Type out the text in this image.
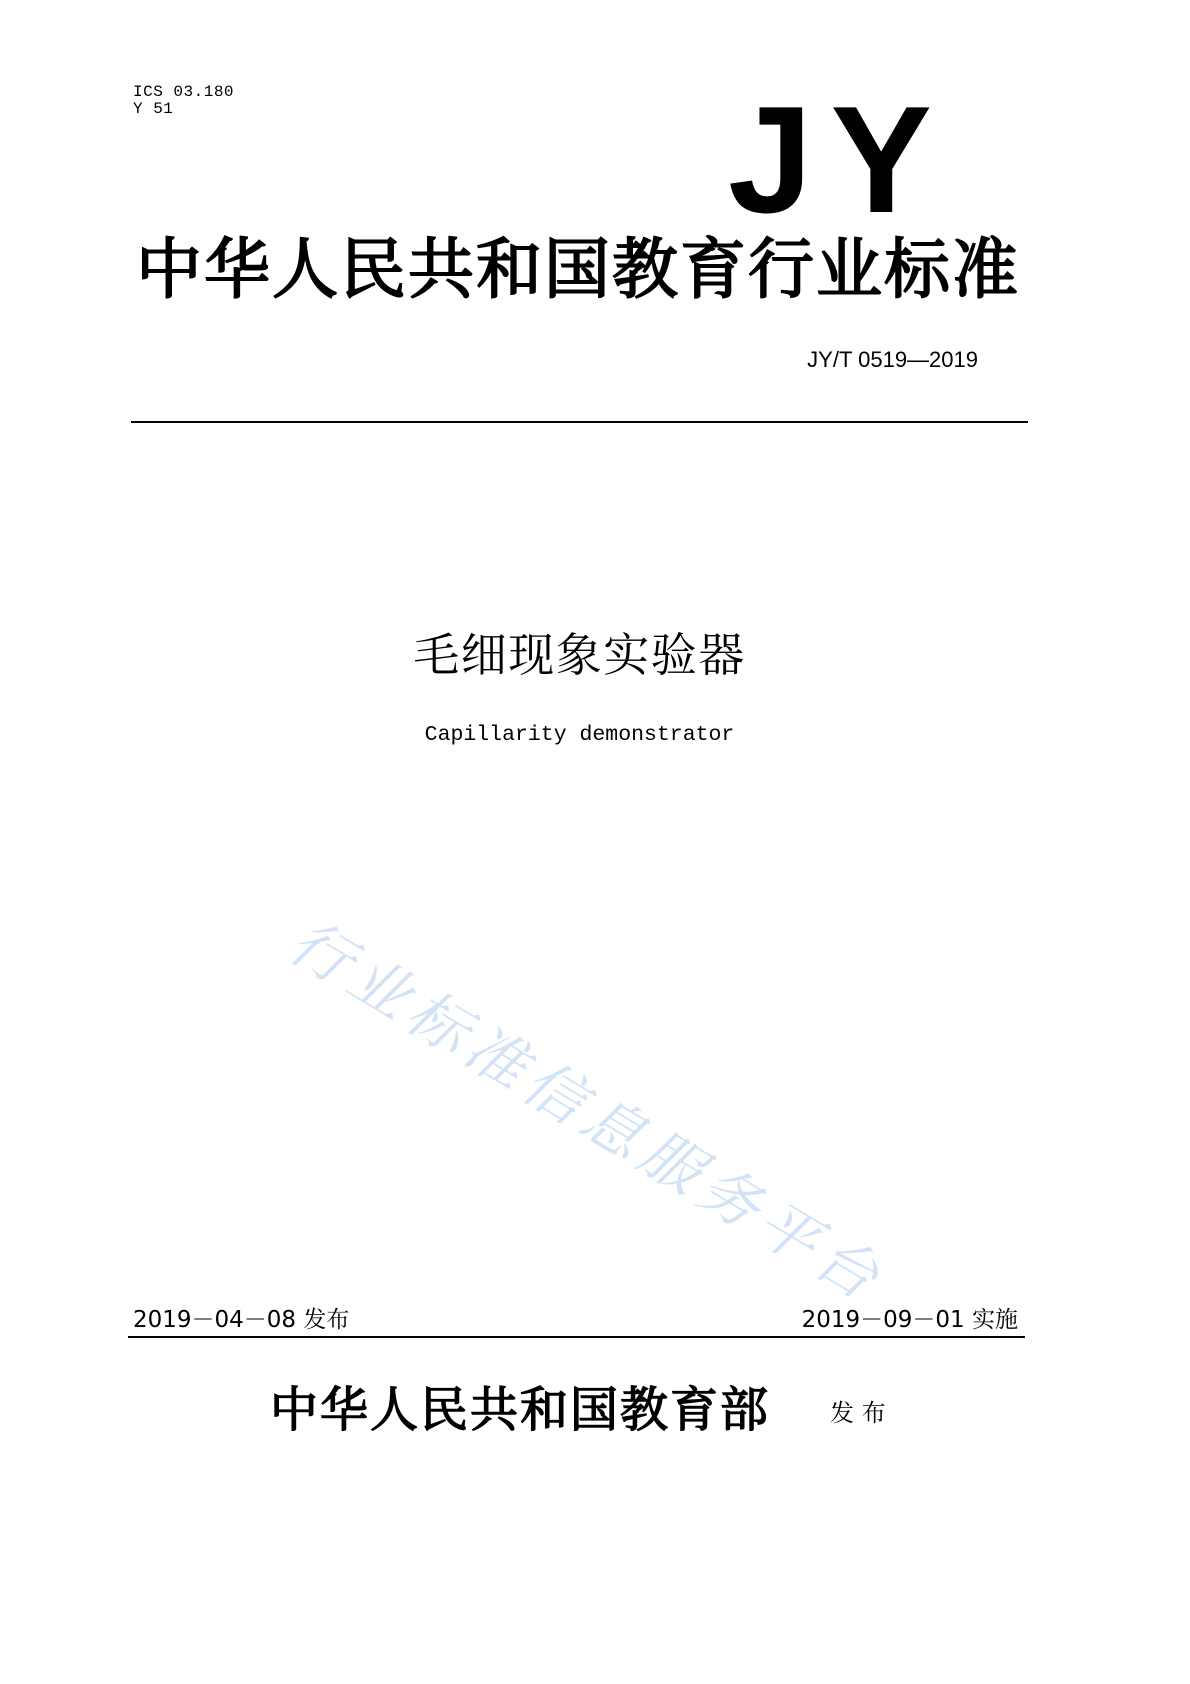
ICS 03.180
Y 51	JY
中华人民共和国教育行业标准
JY/T 0519—2019
毛细现象实验器
Capillarity demonstrator
行业标准信息服务平台
2019－04－08 发布	2019－09－01 实施
中华人民共和国教育部 发 布
